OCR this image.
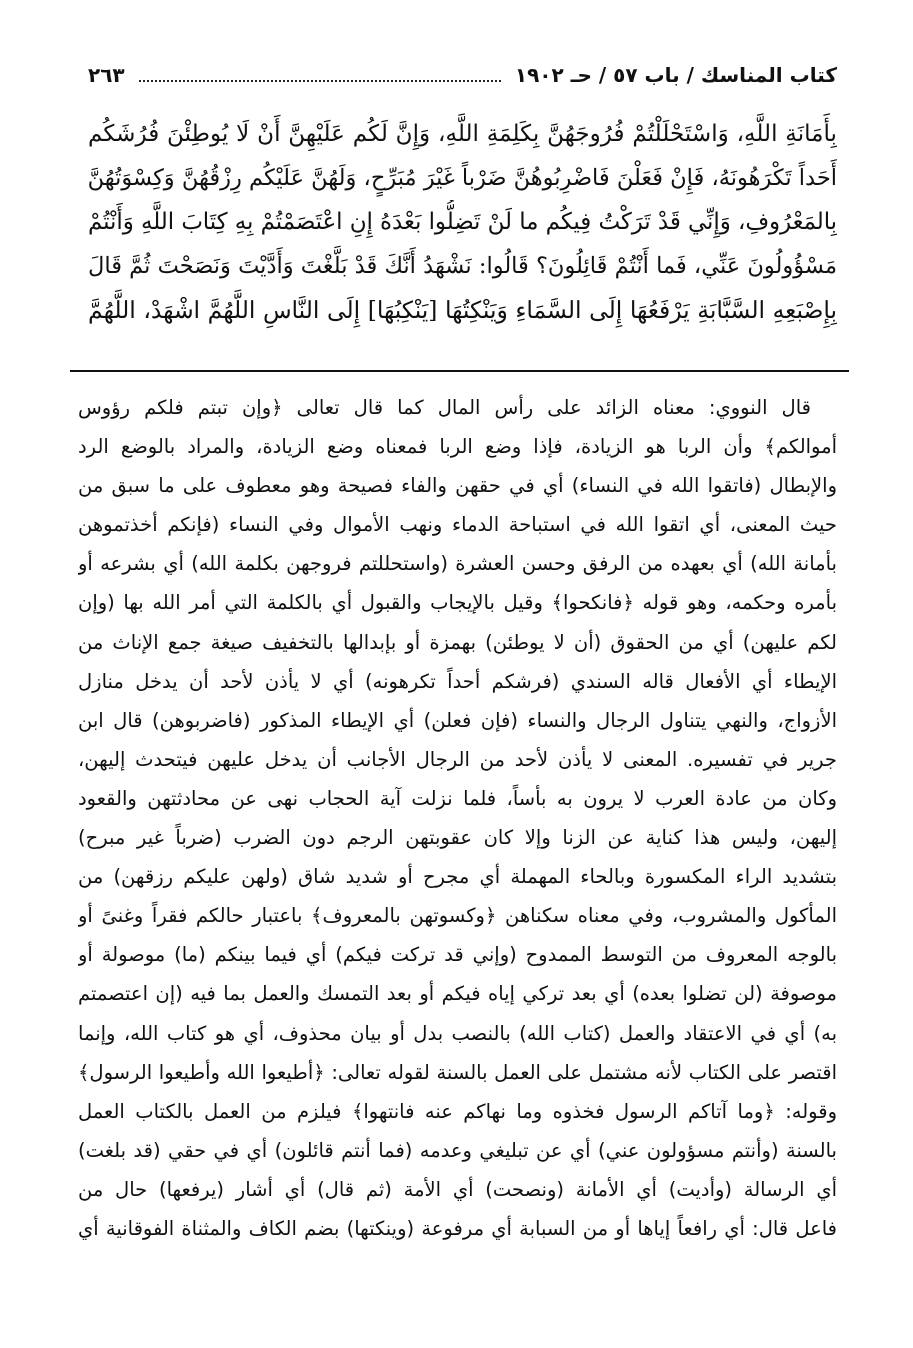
كتاب المناسك / باب ٥٧ / حـ ١٩٠٢
٢٦٣
بِأَمَانَةِ اللَّهِ، وَاسْتَحْلَلْتُمْ فُرُوجَهُنَّ بِكَلِمَةِ اللَّهِ، وَإِنَّ لَكُم عَلَيْهِنَّ أَنْ لَا يُوطِئْنَ فُرُشَكُم
أَحَداً تَكْرَهُونَهُ، فَإِنْ فَعَلْنَ فَاضْرِبُوهُنَّ ضَرْباً غَيْرَ مُبَرِّحٍ، وَلَهُنَّ عَلَيْكُم رِزْقُهُنَّ وَكِسْوَتُهُنَّ
بِالمَعْرُوفِ، وَإِنِّي قَدْ تَرَكْتُ فِيكُم ما لَنْ تَضِلُّوا بَعْدَهُ إِنِ اعْتَصَمْتُمْ بِهِ كِتَابَ اللَّهِ وَأَنْتُمْ
مَسْؤُولُونَ عَنِّي، فَما أَنْتُمْ قَائِلُونَ؟ قَالُوا: نَشْهَدُ أَنَّكَ قَدْ بَلَّغْتَ وَأَدَّيْتَ وَنَصَحْتَ ثُمَّ قَالَ
بِإِصْبَعِهِ السَّبَّابَةِ يَرْفَعُهَا إِلَى السَّمَاءِ وَيَنْكِتُهَا [يَنْكِبُهَا] إِلَى النَّاسِ اللَّهُمَّ اشْهَدْ، اللَّهُمَّ
قال النووي: معناه الزائد على رأس المال كما قال تعالى ﴿وإن تبتم فلكم رؤوس
أموالكم﴾ وأن الربا هو الزيادة، فإذا وضع الربا فمعناه وضع الزيادة، والمراد بالوضع الرد
والإبطال (فاتقوا الله في النساء) أي في حقهن والفاء فصيحة وهو معطوف على ما سبق من
حيث المعنى، أي اتقوا الله في استباحة الدماء ونهب الأموال وفي النساء (فإنكم أخذتموهن
بأمانة الله) أي بعهده من الرفق وحسن العشرة (واستحللتم فروجهن بكلمة الله) أي بشرعه أو
بأمره وحكمه، وهو قوله ﴿فانكحوا﴾ وقيل بالإيجاب والقبول أي بالكلمة التي أمر الله بها (وإن
لكم عليهن) أي من الحقوق (أن لا يوطئن) بهمزة أو بإبدالها بالتخفيف صيغة جمع الإناث من
الإيطاء أي الأفعال قاله السندي (فرشكم أحداً تكرهونه) أي لا يأذن لأحد أن يدخل منازل
الأزواج، والنهي يتناول الرجال والنساء (فإن فعلن) أي الإيطاء المذكور (فاضربوهن) قال ابن
جرير في تفسيره. المعنى لا يأذن لأحد من الرجال الأجانب أن يدخل عليهن فيتحدث إليهن،
وكان من عادة العرب لا يرون به بأساً، فلما نزلت آية الحجاب نهى عن محادثتهن والقعود
إليهن، وليس هذا كناية عن الزنا وإلا كان عقوبتهن الرجم دون الضرب (ضرباً غير مبرح)
بتشديد الراء المكسورة وبالحاء المهملة أي مجرح أو شديد شاق (ولهن عليكم رزقهن) من
المأكول والمشروب، وفي معناه سكناهن ﴿وكسوتهن بالمعروف﴾ باعتبار حالكم فقراً وغنىً أو
بالوجه المعروف من التوسط الممدوح (وإني قد تركت فيكم) أي فيما بينكم (ما) موصولة أو
موصوفة (لن تضلوا بعده) أي بعد تركي إياه فيكم أو بعد التمسك والعمل بما فيه (إن اعتصمتم
به) أي في الاعتقاد والعمل (كتاب الله) بالنصب بدل أو بيان محذوف، أي هو كتاب الله، وإنما
اقتصر على الكتاب لأنه مشتمل على العمل بالسنة لقوله تعالى: ﴿أطيعوا الله وأطيعوا الرسول﴾
وقوله: ﴿وما آتاكم الرسول فخذوه وما نهاكم عنه فانتهوا﴾ فيلزم من العمل بالكتاب العمل
بالسنة (وأنتم مسؤولون عني) أي عن تبليغي وعدمه (فما أنتم قائلون) أي في حقي (قد بلغت)
أي الرسالة (وأديت) أي الأمانة (ونصحت) أي الأمة (ثم قال) أي أشار (يرفعها) حال من
فاعل قال: أي رافعاً إياها أو من السبابة أي مرفوعة (وينكتها) بضم الكاف والمثناة الفوقانية أي
